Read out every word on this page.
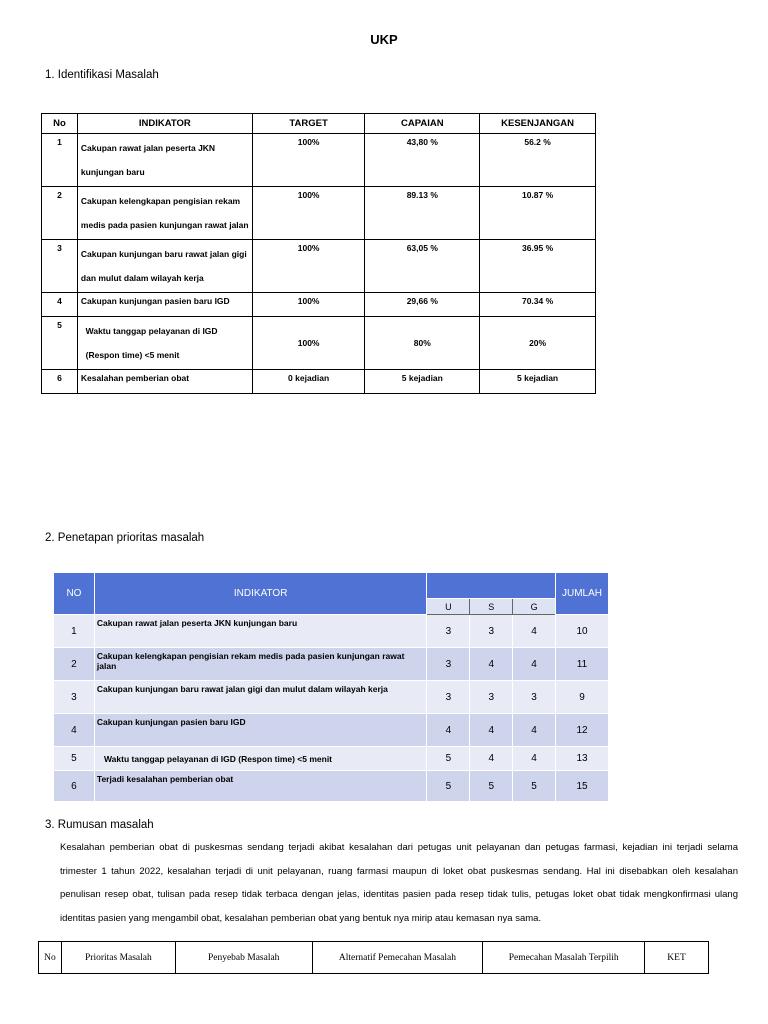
UKP
1. Identifikasi Masalah
No	INDIKATOR	TARGET	CAPAIAN	KESENJANGAN
1	Cakupan rawat jalan peserta JKN
kunjungan baru	100%	43,80 %	56.2 %
2	Cakupan kelengkapan pengisian rekam
medis pada pasien kunjungan rawat jalan	100%	89.13 %	10.87 %
3	Cakupan kunjungan baru rawat jalan gigi
dan mulut dalam wilayah kerja	100%	63,05 %	36.95 %
4	Cakupan kunjungan pasien baru IGD	100%	29,66 %	70.34 %
5	Waktu tanggap pelayanan di IGD
(Respon time) <5 menit	100%	80%	20%
6	Kesalahan pemberian obat	0 kejadian	5 kejadian	5 kejadian
2. Penetapan prioritas masalah
NO	INDIKATOR				JUMLAH
		U	S	G	
1	Cakupan rawat jalan peserta JKN kunjungan baru	3	3	4	10
2	Cakupan kelengkapan pengisian rekam medis pada pasien kunjungan rawat jalan	3	4	4	11
3	Cakupan kunjungan baru rawat jalan gigi dan mulut dalam wilayah kerja	3	3	3	9
4	Cakupan kunjungan pasien baru IGD	4	4	4	12
5	Waktu tanggap pelayanan di IGD (Respon time) <5 menit	5	4	4	13
6	Terjadi kesalahan pemberian obat	5	5	5	15
3. Rumusan masalah
Kesalahan pemberian obat di puskesmas sendang terjadi akibat kesalahan dari petugas unit pelayanan dan petugas farmasi, kejadian ini terjadi selama trimester 1 tahun 2022, kesalahan terjadi di unit pelayanan, ruang farmasi maupun di loket obat puskesmas sendang. Hal ini disebabkan oleh kesalahan penulisan resep obat, tulisan pada resep tidak terbaca dengan jelas, identitas pasien pada resep tidak tulis, petugas loket obat tidak mengkonfirmasi ulang identitas pasien yang mengambil obat, kesalahan pemberian obat yang bentuk nya mirip atau kemasan nya sama.
No	Prioritas Masalah	Penyebab Masalah	Alternatif Pemecahan Masalah	Pemecahan Masalah Terpilih	KET
